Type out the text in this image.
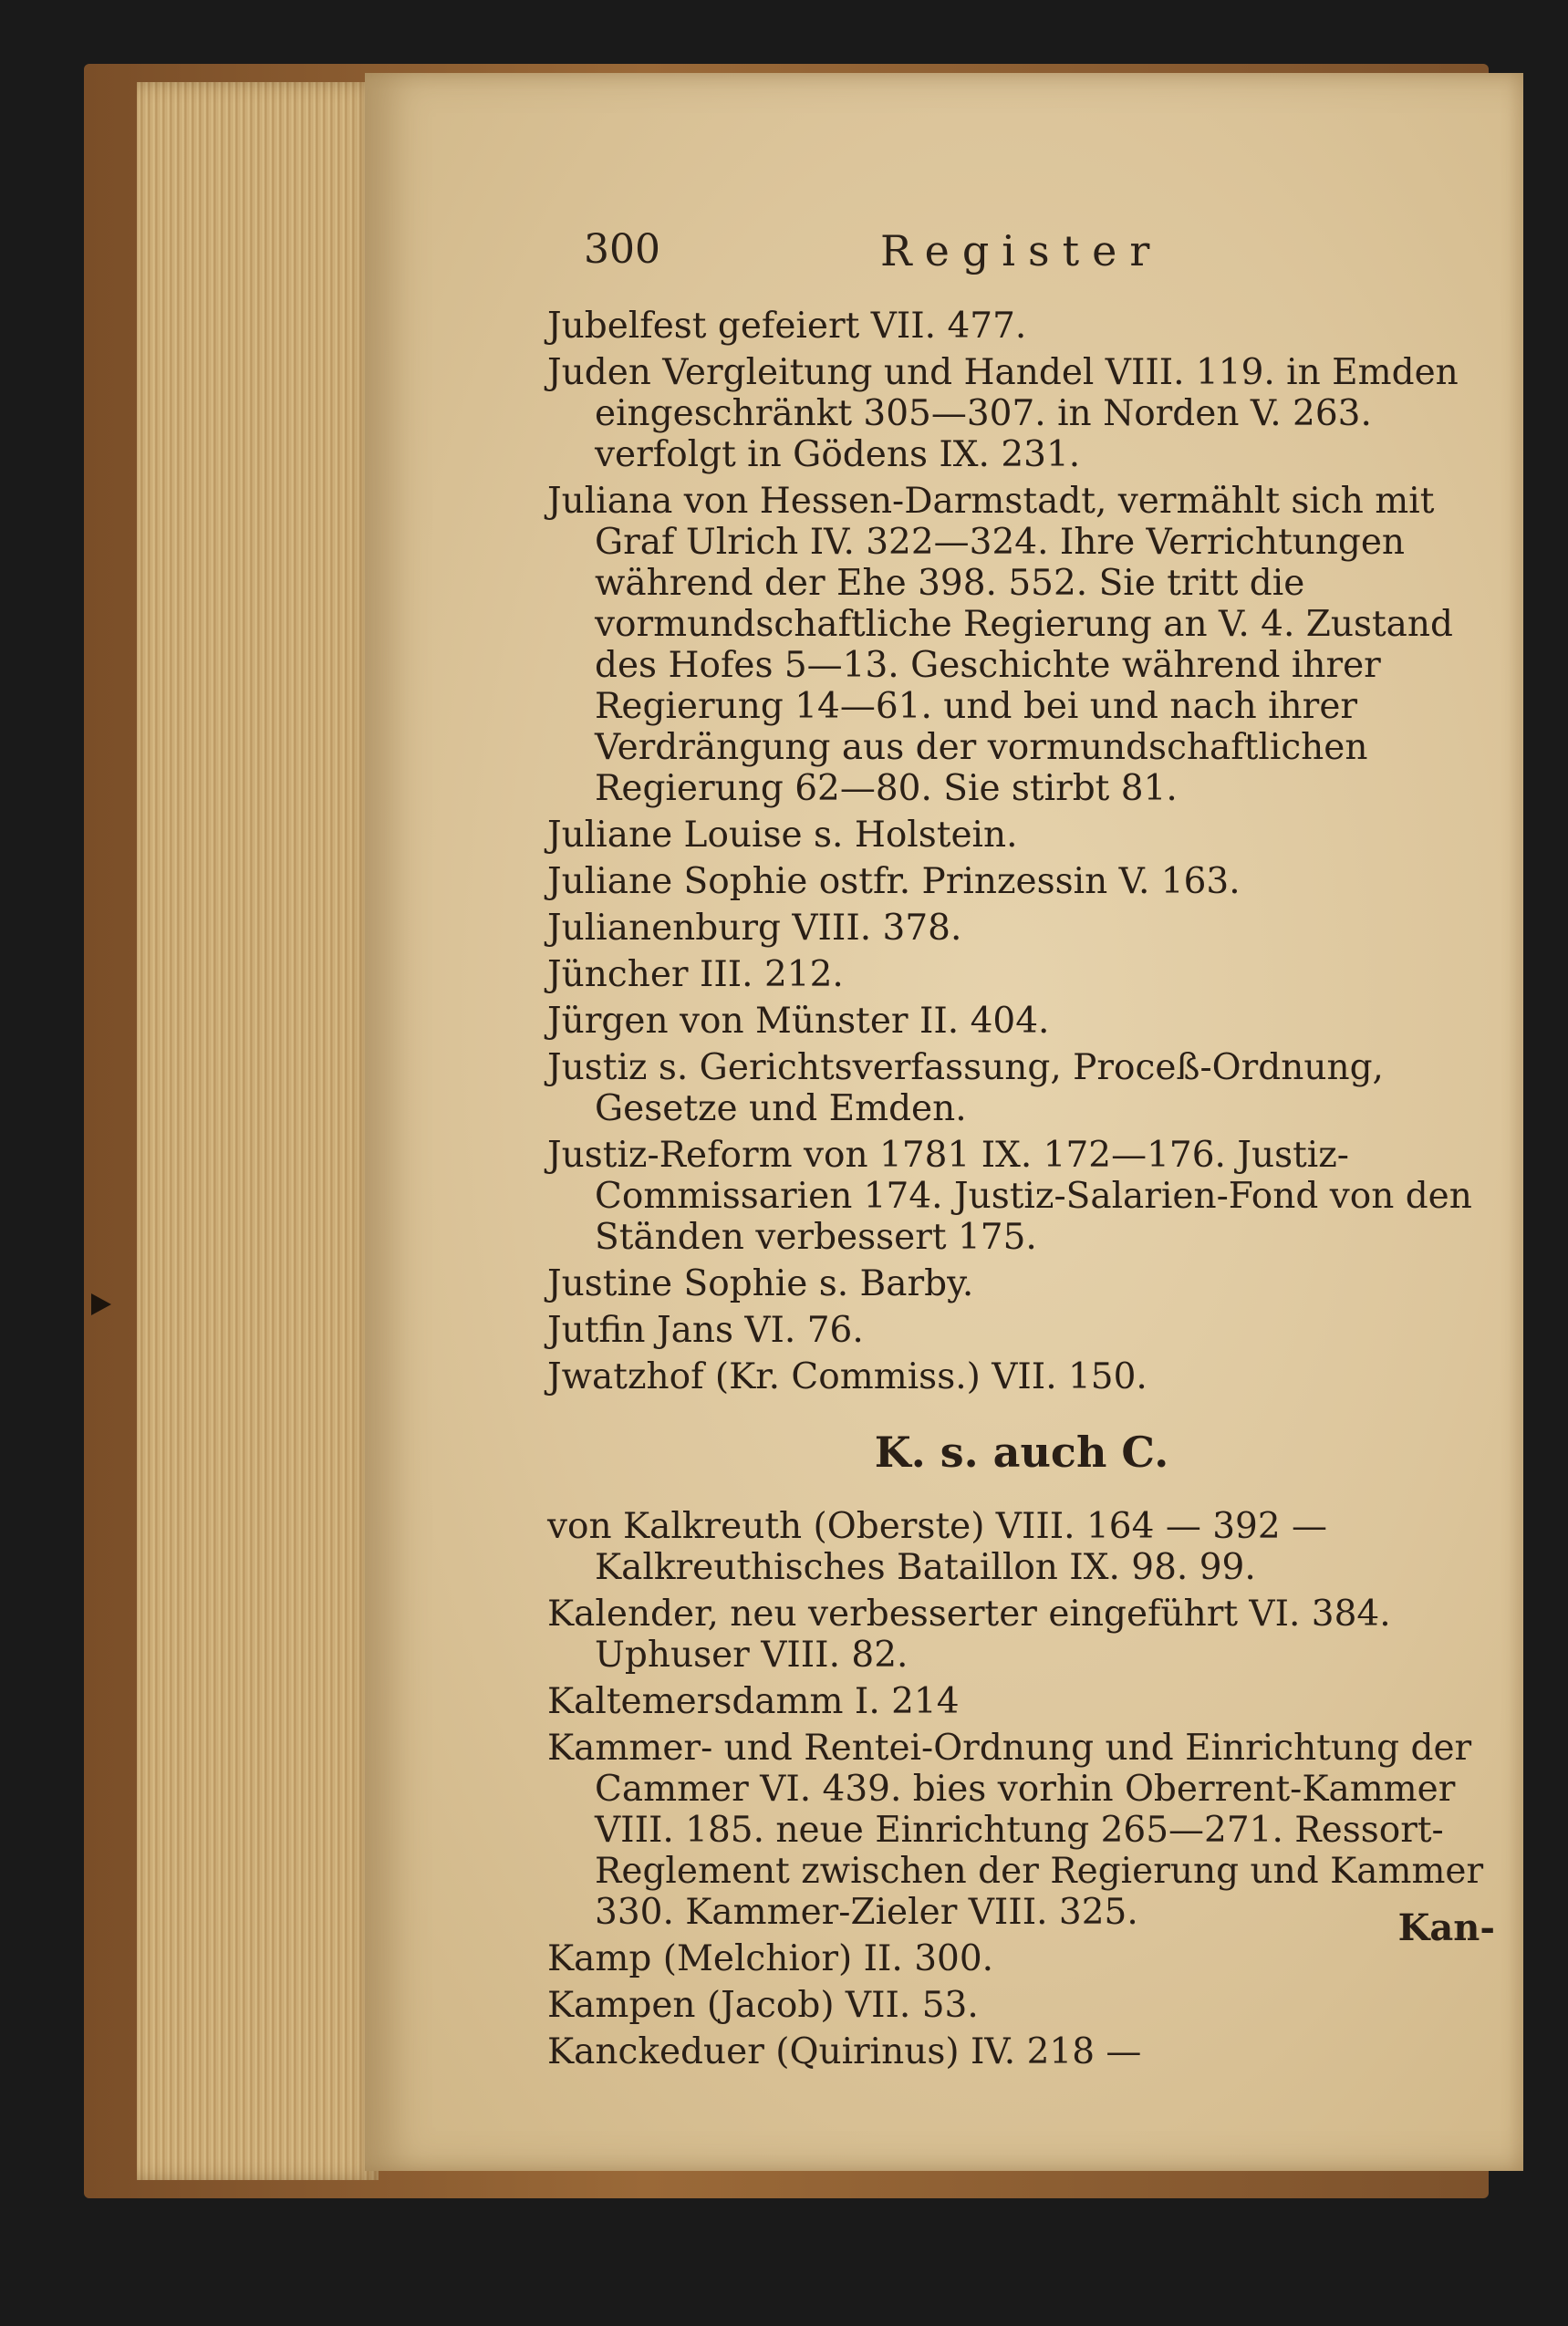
300	Register

Jubelfest gefeiert VII. 477.

Juden Vergleitung und Handel VIII. 119. in Emden eingeschränkt 305—307. in Norden V. 263. verfolgt in Gödens IX. 231.

Juliana von Hessen-Darmstadt, vermählt sich mit Graf Ulrich IV. 322—324. Ihre Verrichtungen während der Ehe 398. 552. Sie tritt die vormundschaftliche Regierung an V. 4. Zustand des Hofes 5—13. Geschichte während ihrer Regierung 14—61. und bei und nach ihrer Verdrängung aus der vormundschaftlichen Regierung 62—80. Sie stirbt 81.

Juliane Louise s. Holstein.

Juliane Sophie ostfr. Prinzessin V. 163.

Julianenburg VIII. 378.

Jüncher III. 212.

Jürgen von Münster II. 404.

Justiz s. Gerichtsverfassung, Proceß-Ordnung, Gesetze und Emden.

Justiz-Reform von 1781 IX. 172—176. Justiz-Commissarien 174. Justiz-Salarien-Fond von den Ständen verbessert 175.

Justine Sophie s. Barby.

Jutfin Jans VI. 76.

Jwatzhof (Kr. Commiss.) VII. 150.

K. s. auch C.

von Kalkreuth (Oberste) VIII. 164 — 392 — Kalkreuthisches Bataillon IX. 98. 99.

Kalender, neu verbesserter eingeführt VI. 384. Uphuser VIII. 82.

Kaltemersdamm I. 214

Kammer- und Rentei-Ordnung und Einrichtung der Cammer VI. 439. bies vorhin Oberrent-Kammer VIII. 185. neue Einrichtung 265—271. Ressort-Reglement zwischen der Regierung und Kammer 330. Kammer-Zieler VIII. 325.

Kamp (Melchior) II. 300.

Kampen (Jacob) VII. 53.

Kanckeduer (Quirinus) IV. 218 —

Kan-
